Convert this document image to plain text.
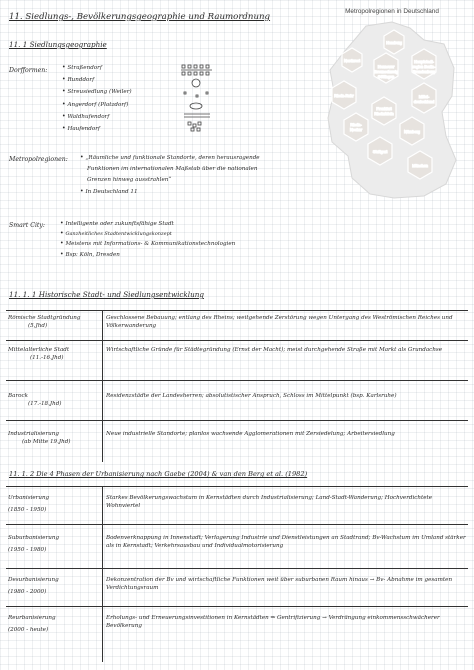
11. Siedlungs-, Bevölkerungsgeographie und Raumordnung
11. 1 Siedlungsgeographie
Dorfformen: • Straßendorf
• Runddorf
• Streusiedlung (Weiler)
• Angerdorf (Platzdorf)
• Waldhufendorf
• Haufendorf
Metropolregionen in Deutschland
Hamburg
Nordwest
Hannover
Braunschweig
Göttingen
Hauptstadt-
region Berlin-
Brandenburg
Rhein-Ruhr	Mittel-
deutschland
Frankfurt
Rhein/Main
Rhein-
Neckar	Nürnberg
Stuttgart
München
Metropolregionen: • „Räumliche und funktionale Standorte, deren herausragende
Funktionen im internationalen Maßstab über die nationalen
Grenzen hinweg ausstrahlen“
• In Deutschland 11
Smart City:	• Intelligente oder zukunftsfähige Stadt
• Ganzheitliches Stadtentwicklungskonzept
• Meistens mit Informations- & Kommunikationstechnologien
• Bsp: Köln, Dresden
11. 1. 1 Historische Stadt- und Siedlungsentwicklung
Römische Stadtgründung
(5.Jhd)
Geschlossene Bebauung; entlang des Rheins; weitgehende Zerstörung wegen Untergang des Weströmischen Reiches und Völkerwanderung
Mittelalterliche Stadt
(11.-16.Jhd)
Wirtschaftliche Gründe für Städtegründung (Ernst der Macht); meist durchgehende Straße mit Markt als Grundachse
Barock
(17.-18.Jhd)
Residenzstädte der Landesherren; absolutistischer Anspruch, Schloss im Mittelpunkt (bsp. Karlsruhe)
Industrialisierung
(ab Mitte 19.Jhd)
Neue industrielle Standorte; planlos wachsende Agglomerationen mit Zersiedelung; Arbeitersiedlung
11. 1. 2 Die 4 Phasen der Urbanisierung nach Gaebe (2004) & van den Berg et al. (1982)
Urbanisierung
(1850 - 1950)
Starkes Bevölkerungswachstum in Kernstädten durch Industrialisierung; Land-Stadt-Wanderung; Hochverdichtete Wohnviertel
Suburbanisierung
(1950 - 1980)
Bodenverknappung in Innenstadt; Verlagerung Industrie und Dienstleistungen an Stadtrand; Bv-Wachstum im Umland stärker als in Kernstadt; Verkehrsausbau und Individualmotorisierung
Desurbanisierung
(1980 - 2000)
Dekonzentration der Bv und wirtschaftliche Funktionen weit über suburbanen Raum hinaus → Bv- Abnahme im gesamten Verdichtungsraum
Reurbanisierung
(2000 - heute)
Erholungs- und Erneuerungsinvestitionen in Kernstädten ⇒ Gentrifizierung → Verdrängung einkommensschwächerer Bevölkerung
